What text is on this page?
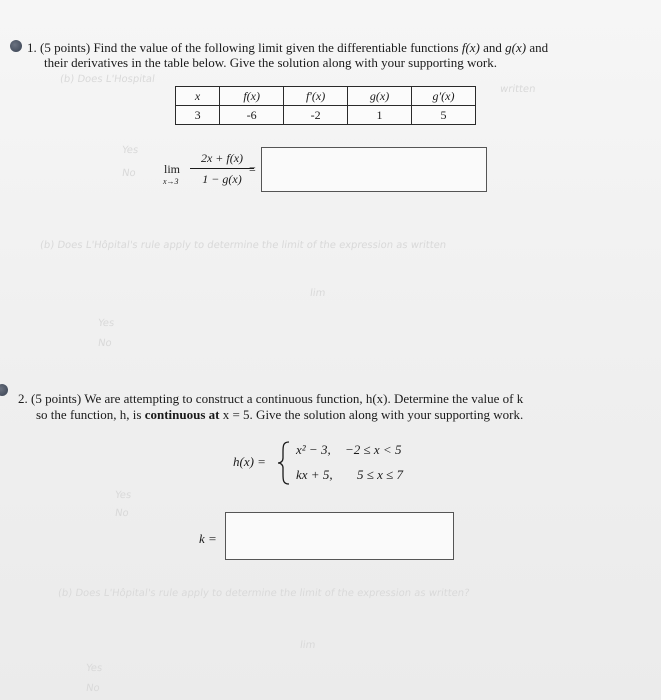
(b) Does L'Hospital
written
Yes
No
(b) Does L'Hôpital's rule apply to determine the limit of the expression as written
lim
Yes
No
Yes
No
(b) Does L'Hôpital's rule apply to determine the limit of the expression as written?
lim
Yes
No
1. (5 points) Find the value of the following limit given the differentiable functions f(x) and g(x) and
their derivatives in the table below. Give the solution along with your supporting work.
x	f(x)	f′(x)	g(x)	g′(x)
3	-6	-2	1	5
lim
x→3
2x + f(x)
1 − g(x)
=
2. (5 points) We are attempting to construct a continuous function, h(x). Determine the value of k
so the function, h, is continuous at x = 5. Give the solution along with your supporting work.
h(x) =
x² − 3, −2 ≤ x < 5
kx + 5, 5 ≤ x ≤ 7
k =
